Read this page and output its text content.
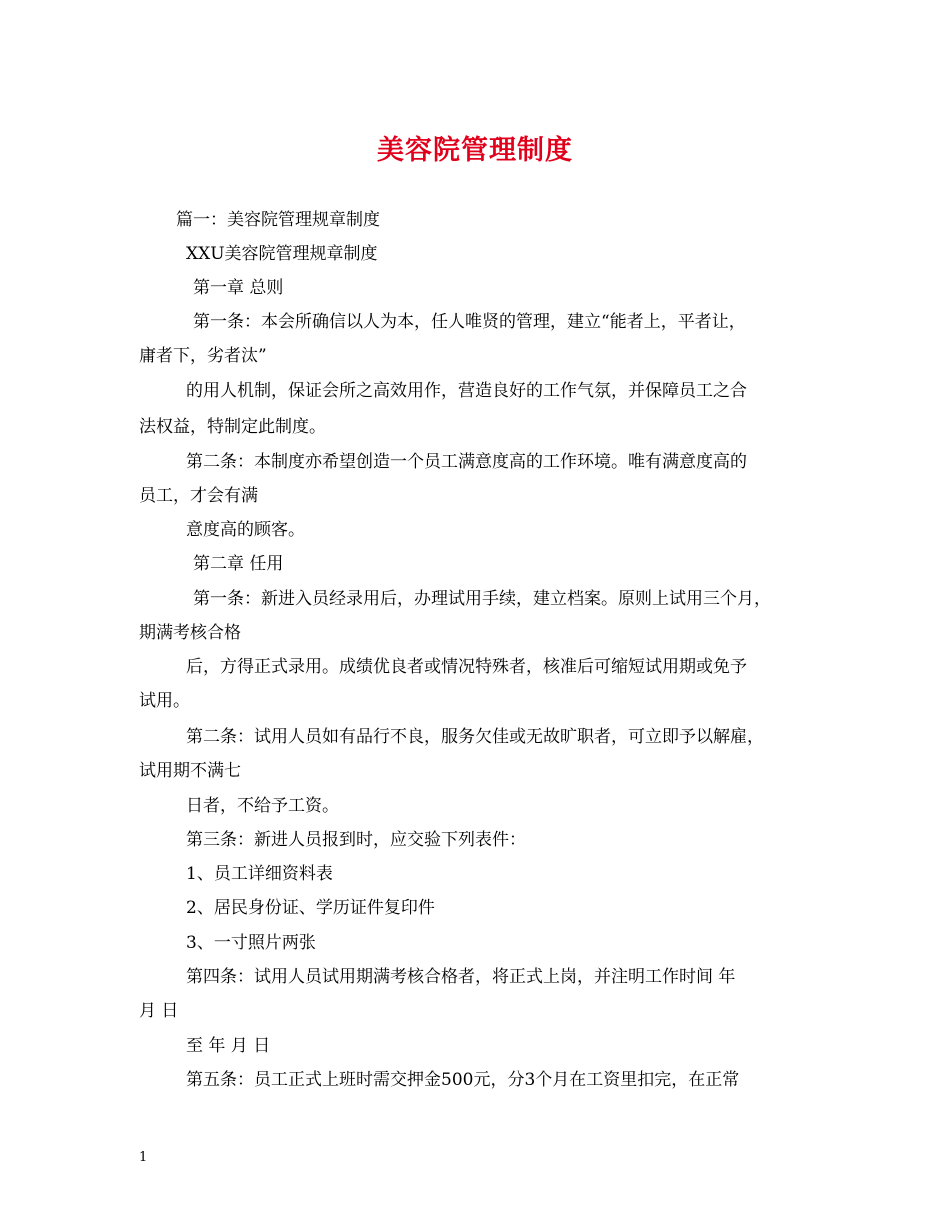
美容院管理制度

篇一：美容院管理规章制度

XXU美容院管理规章制度

第一章 总则

第一条：本会所确信以人为本，任人唯贤的管理，建立“能者上，平者让，

庸者下，劣者汰”

的用人机制，保证会所之高效用作，营造良好的工作气氛，并保障员工之合

法权益，特制定此制度。

第二条：本制度亦希望创造一个员工满意度高的工作环境。唯有满意度高的

员工，才会有满

意度高的顾客。

第二章 任用

第一条：新进入员经录用后，办理试用手续，建立档案。原则上试用三个月，

期满考核合格

后，方得正式录用。成绩优良者或情况特殊者，核准后可缩短试用期或免予

试用。

第二条：试用人员如有品行不良，服务欠佳或无故旷职者，可立即予以解雇，

试用期不满七

日者，不给予工资。

第三条：新进人员报到时，应交验下列表件：

1、员工详细资料表

2、居民身份证、学历证件复印件

3、一寸照片两张

第四条：试用人员试用期满考核合格者，将正式上岗，并注明工作时间 年

月 日

至 年 月 日

第五条：员工正式上班时需交押金500元，分3个月在工资里扣完，在正常

1
